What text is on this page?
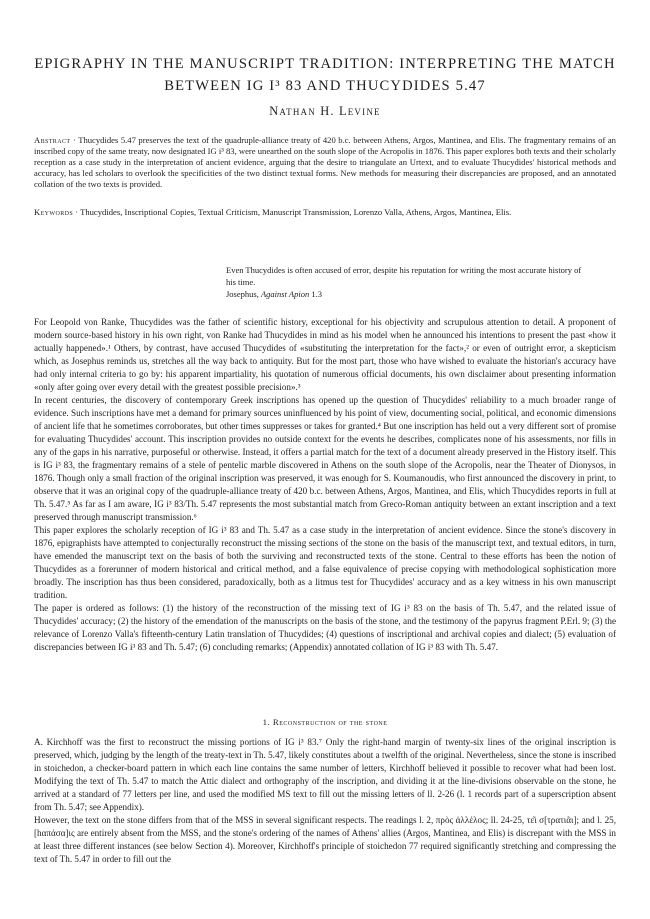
EPIGRAPHY IN THE MANUSCRIPT TRADITION: INTERPRETING THE MATCH BETWEEN IG I³ 83 AND THUCYDIDES 5.47
Nathan H. Levine

Abstract · Thucydides 5.47 preserves the text of the quadruple-alliance treaty of 420 b.c. between Athens, Argos, Mantinea, and Elis. The fragmentary remains of an inscribed copy of the same treaty, now designated IG i³ 83, were unearthed on the south slope of the Acropolis in 1876. This paper explores both texts and their scholarly reception as a case study in the interpretation of ancient evidence, arguing that the desire to triangulate an Urtext, and to evaluate Thucydides' historical methods and accuracy, has led scholars to overlook the specificities of the two distinct textual forms. New methods for measuring their discrepancies are proposed, and an annotated collation of the two texts is provided.

Keywords · Thucydides, Inscriptional Copies, Textual Criticism, Manuscript Transmission, Lorenzo Valla, Athens, Argos, Mantinea, Elis.

Even Thucydides is often accused of error, despite his reputation for writing the most accurate history of his time.

Josephus, Against Apion 1.3

For Leopold von Ranke, Thucydides was the father of scientific history, exceptional for his objectivity and scrupulous attention to detail. A proponent of modern source-based history in his own right, von Ranke had Thucydides in mind as his model when he announced his intentions to present the past «how it actually happened».¹ Others, by contrast, have accused Thucydides of «substituting the interpretation for the fact»,² or even of outright error, a skepticism which, as Josephus reminds us, stretches all the way back to antiquity. But for the most part, those who have wished to evaluate the historian's accuracy have had only internal criteria to go by: his apparent impartiality, his quotation of numerous official documents, his own disclaimer about presenting information «only after going over every detail with the greatest possible precision».³

In recent centuries, the discovery of contemporary Greek inscriptions has opened up the question of Thucydides' reliability to a much broader range of evidence. Such inscriptions have met a demand for primary sources uninfluenced by his point of view, documenting social, political, and economic dimensions of ancient life that he sometimes corroborates, but other times suppresses or takes for granted.⁴ But one inscription has held out a very different sort of promise for evaluating Thucydides' account. This inscription provides no outside context for the events he describes, complicates none of his assessments, nor fills in any of the gaps in his narrative, purposeful or otherwise. Instead, it offers a partial match for the text of a document already preserved in the History itself. This is IG i³ 83, the fragmentary remains of a stele of pentelic marble discovered in Athens on the south slope of the Acropolis, near the Theater of Dionysos, in 1876. Though only a small fraction of the original inscription was preserved, it was enough for S. Koumanoudis, who first announced the discovery in print, to observe that it was an original copy of the quadruple-alliance treaty of 420 b.c. between Athens, Argos, Mantinea, and Elis, which Thucydides reports in full at Th. 5.47.⁵ As far as I am aware, IG i³ 83/Th. 5.47 represents the most substantial match from Greco-Roman antiquity between an extant inscription and a text preserved through manuscript transmission.⁶

This paper explores the scholarly reception of IG i³ 83 and Th. 5.47 as a case study in the interpretation of ancient evidence. Since the stone's discovery in 1876, epigraphists have attempted to conjecturally reconstruct the missing sections of the stone on the basis of the manuscript text, and textual editors, in turn, have emended the manuscript text on the basis of both the surviving and reconstructed texts of the stone. Central to these efforts has been the notion of Thucydides as a forerunner of modern historical and critical method, and a false equivalence of precise copying with methodological sophistication more broadly. The inscription has thus been considered, paradoxically, both as a litmus test for Thucydides' accuracy and as a key witness in his own manuscript tradition.

The paper is ordered as follows: (1) the history of the reconstruction of the missing text of IG i³ 83 on the basis of Th. 5.47, and the related issue of Thucydides' accuracy; (2) the history of the emendation of the manuscripts on the basis of the stone, and the testimony of the papyrus fragment P.Erl. 9; (3) the relevance of Lorenzo Valla's fifteenth-century Latin translation of Thucydides; (4) questions of inscriptional and archival copies and dialect; (5) evaluation of discrepancies between IG i³ 83 and Th. 5.47; (6) concluding remarks; (Appendix) annotated collation of IG i³ 83 with Th. 5.47.

1. Reconstruction of the stone

A. Kirchhoff was the first to reconstruct the missing portions of IG i³ 83.⁷ Only the right-hand margin of twenty-six lines of the original inscription is preserved, which, judging by the length of the treaty-text in Th. 5.47, likely constitutes about a twelfth of the original. Nevertheless, since the stone is inscribed in stoichedon, a checker-board pattern in which each line contains the same number of letters, Kirchhoff believed it possible to recover what had been lost. Modifying the text of Th. 5.47 to match the Attic dialect and orthography of the inscription, and dividing it at the line-divisions observable on the stone, he arrived at a standard of 77 letters per line, and used the modified MS text to fill out the missing letters of ll. 2-26 (l. 1 records part of a superscription absent from Th. 5.47; see Appendix).

However, the text on the stone differs from that of the MSS in several significant respects. The readings l. 2, πρὸς ἀλλέλος; ll. 24-25, τε͂ι σ[τρατιᾶι]; and l. 25, [hαπάσα]ις are entirely absent from the MSS, and the stone's ordering of the names of Athens' allies (Argos, Mantinea, and Elis) is discrepant with the MSS in at least three different instances (see below Section 4). Moreover, Kirchhoff's principle of stoichedon 77 required significantly stretching and compressing the text of Th. 5.47 in order to fill out the
